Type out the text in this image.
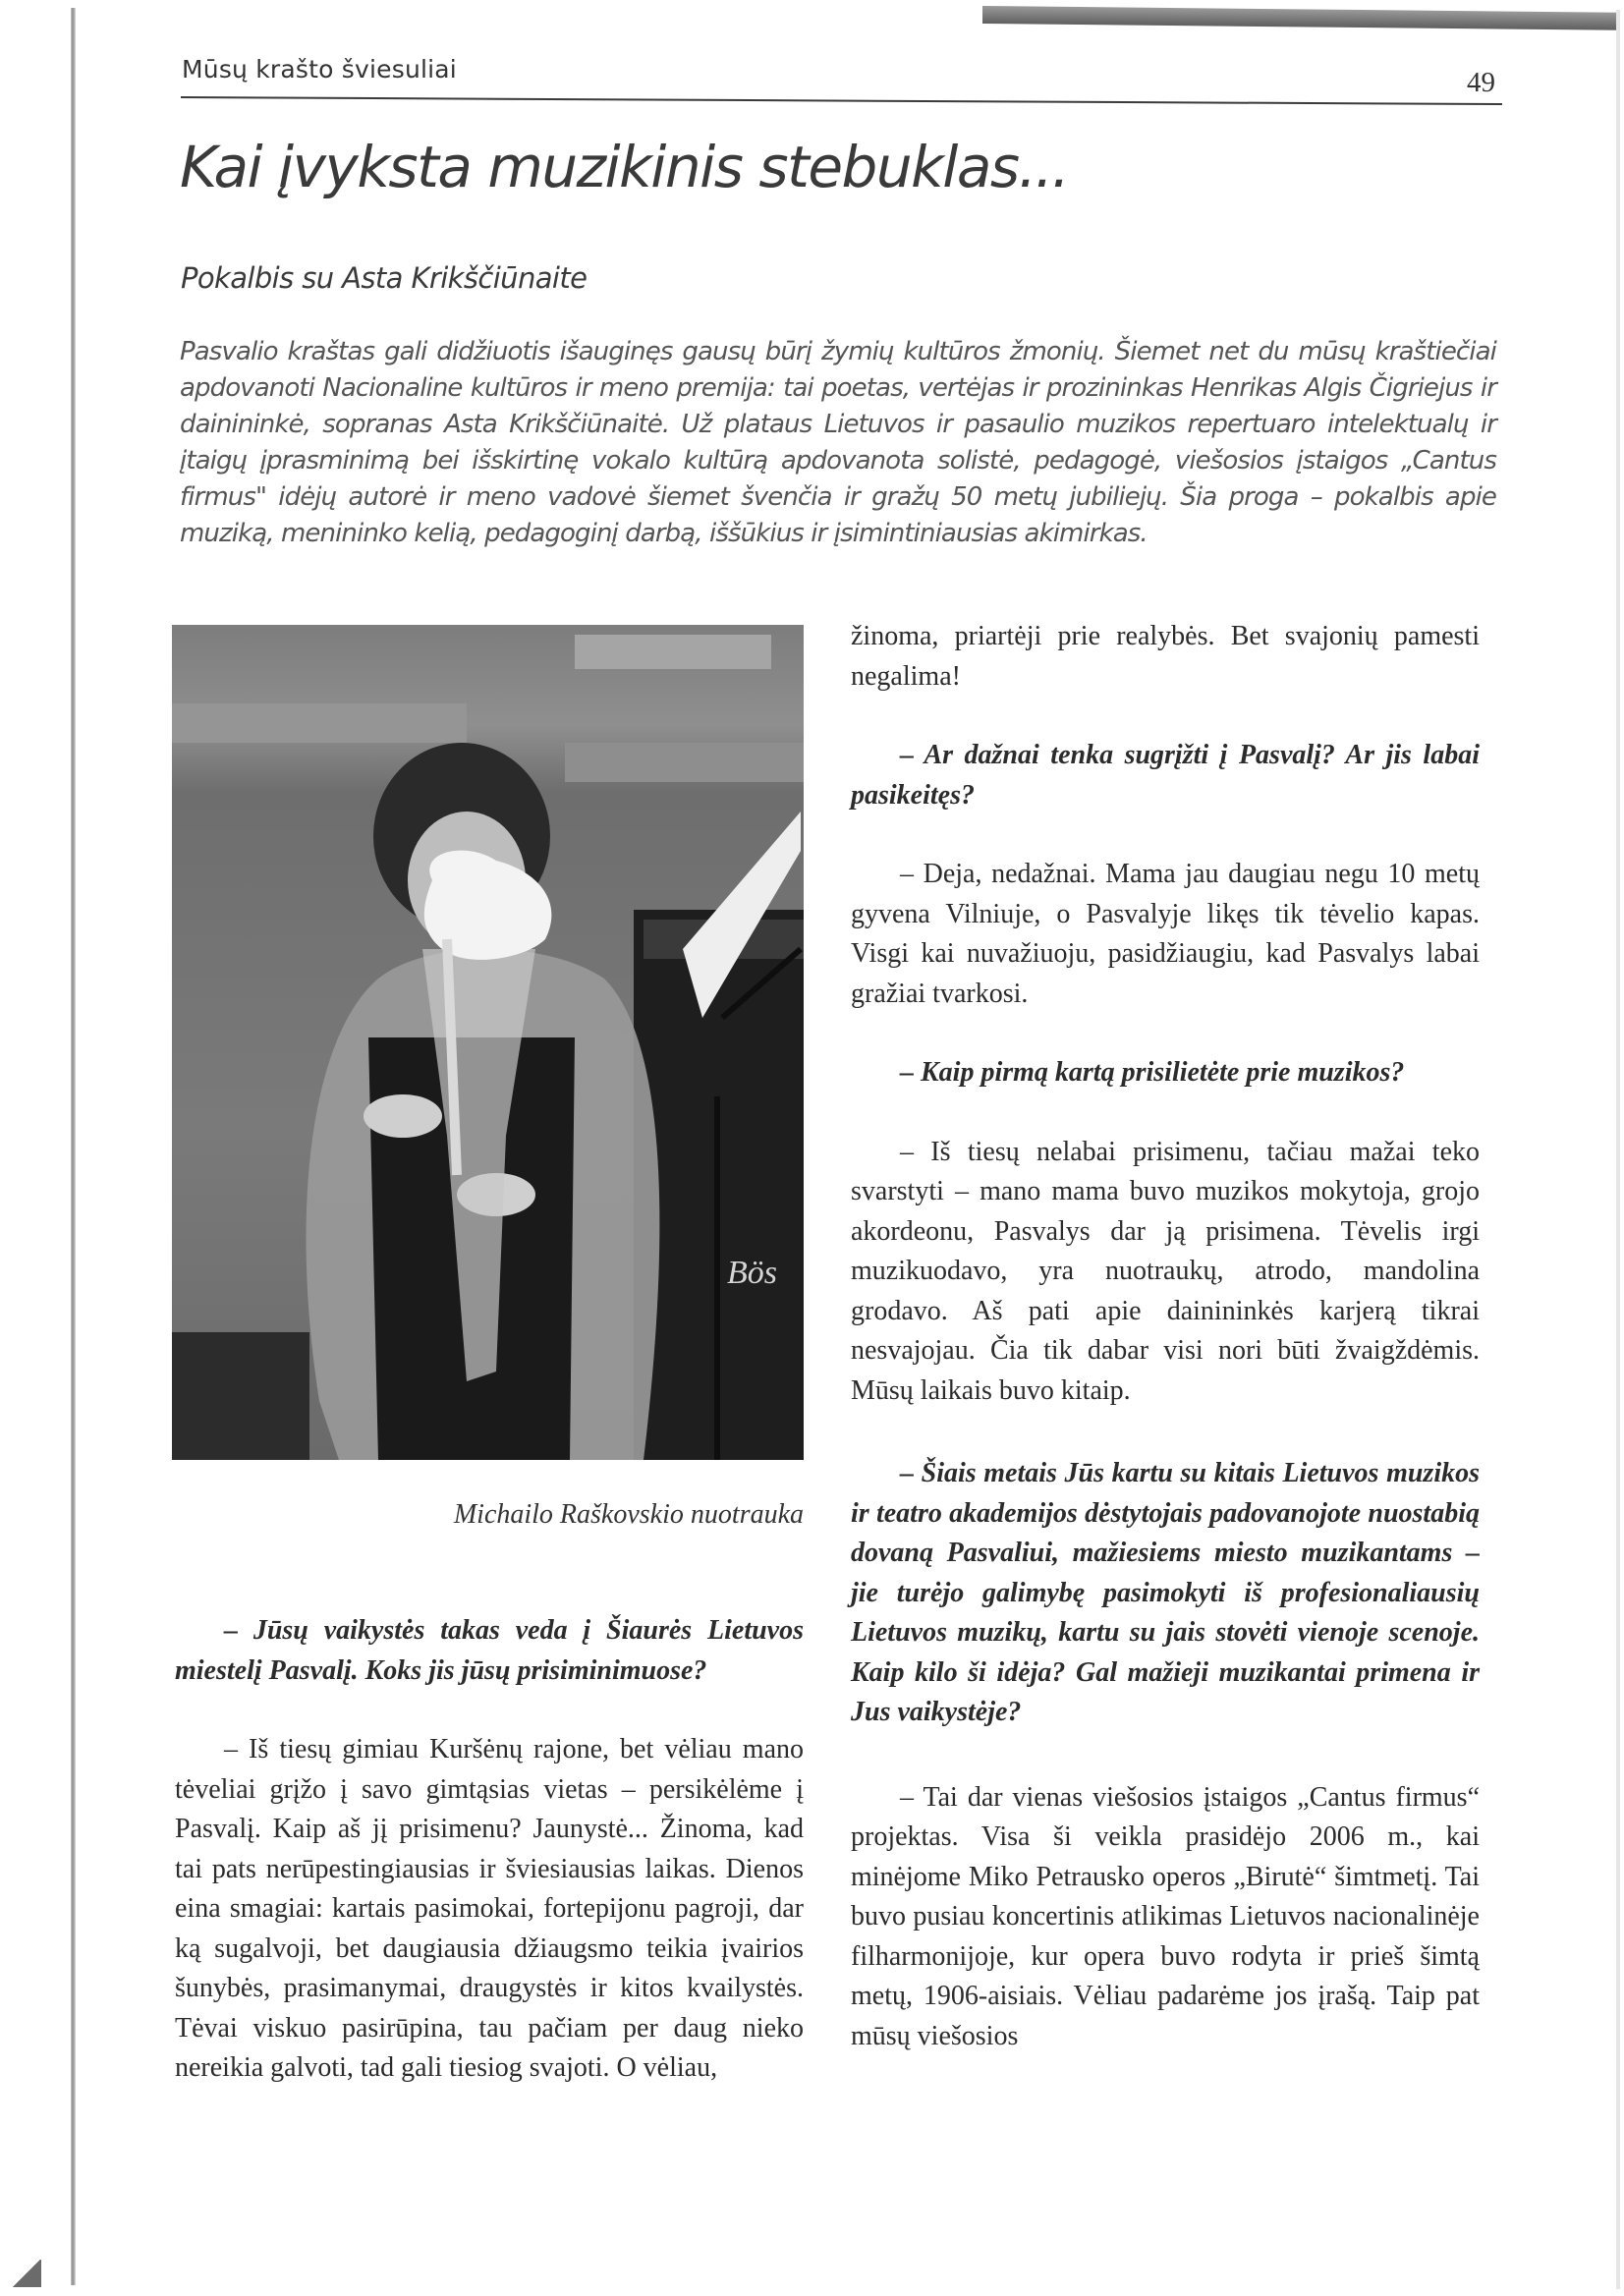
Mūsų krašto šviesuliai	49
Kai įvyksta muzikinis stebuklas...
Pokalbis su Asta Krikščiūnaite
Pasvalio kraštas gali didžiuotis išauginęs gausų būrį žymių kultūros žmonių. Šiemet net du mūsų kraštiečiai apdovanoti Nacionaline kultūros ir meno premija: tai poetas, vertėjas ir prozininkas Henrikas Algis Čigriejus ir dainininkė, sopranas Asta Krikščiūnaitė. Už plataus Lietuvos ir pasaulio muzikos repertuaro intelektualų ir įtaigų įprasminimą bei išskirtinę vokalo kultūrą apdovanota solistė, pedagogė, viešosios įstaigos „Cantus firmus" idėjų autorė ir meno vadovė šiemet švenčia ir gražų 50 metų jubiliejų. Šia proga – pokalbis apie muziką, menininko kelią, pedagoginį darbą, iššūkius ir įsimintiniausias akimirkas.
Bös
Michailo Raškovskio nuotrauka

– Jūsų vaikystės takas veda į Šiaurės Lietuvos miestelį Pasvalį. Koks jis jūsų prisiminimuose?

– Iš tiesų gimiau Kuršėnų rajone, bet vėliau mano tėveliai grįžo į savo gimtąsias vietas – persikėlėme į Pasvalį. Kaip aš jį prisimenu? Jaunystė... Žinoma, kad tai pats nerūpestingiausias ir šviesiausias laikas. Dienos eina smagiai: kartais pasimokai, fortepijonu pagroji, dar ką sugalvoji, bet daugiausia džiaugsmo teikia įvairios šunybės, prasimanymai, draugystės ir kitos kvailystės. Tėvai viskuo pasirūpina, tau pačiam per daug nieko nereikia galvoti, tad gali tiesiog svajoti. O vėliau,

žinoma, priartėji prie realybės. Bet svajonių pamesti negalima!

– Ar dažnai tenka sugrįžti į Pasvalį? Ar jis labai pasikeitęs?

– Deja, nedažnai. Mama jau daugiau negu 10 metų gyvena Vilniuje, o Pasvalyje likęs tik tėvelio kapas. Visgi kai nuvažiuoju, pasidžiaugiu, kad Pasvalys labai gražiai tvarkosi.

– Kaip pirmą kartą prisilietėte prie muzikos?

– Iš tiesų nelabai prisimenu, tačiau mažai teko svarstyti – mano mama buvo muzikos mokytoja, grojo akordeonu, Pasvalys dar ją prisimena. Tėvelis irgi muzikuodavo, yra nuotraukų, atrodo, mandolina grodavo. Aš pati apie dainininkės karjerą tikrai nesvajojau. Čia tik dabar visi nori būti žvaigždėmis. Mūsų laikais buvo kitaip.

– Šiais metais Jūs kartu su kitais Lietuvos muzikos ir teatro akademijos dėstytojais padovanojote nuostabią dovaną Pasvaliui, mažiesiems miesto muzikantams – jie turėjo galimybę pasimokyti iš profesionaliausių Lietuvos muzikų, kartu su jais stovėti vienoje scenoje. Kaip kilo ši idėja? Gal mažieji muzikantai primena ir Jus vaikystėje?

– Tai dar vienas viešosios įstaigos „Cantus firmus“ projektas. Visa ši veikla prasidėjo 2006 m., kai minėjome Miko Petrausko operos „Birutė“ šimtmetį. Tai buvo pusiau koncertinis atlikimas Lietuvos nacionalinėje filharmonijoje, kur opera buvo rodyta ir prieš šimtą metų, 1906-aisiais. Vėliau padarėme jos įrašą. Taip pat mūsų viešosios
